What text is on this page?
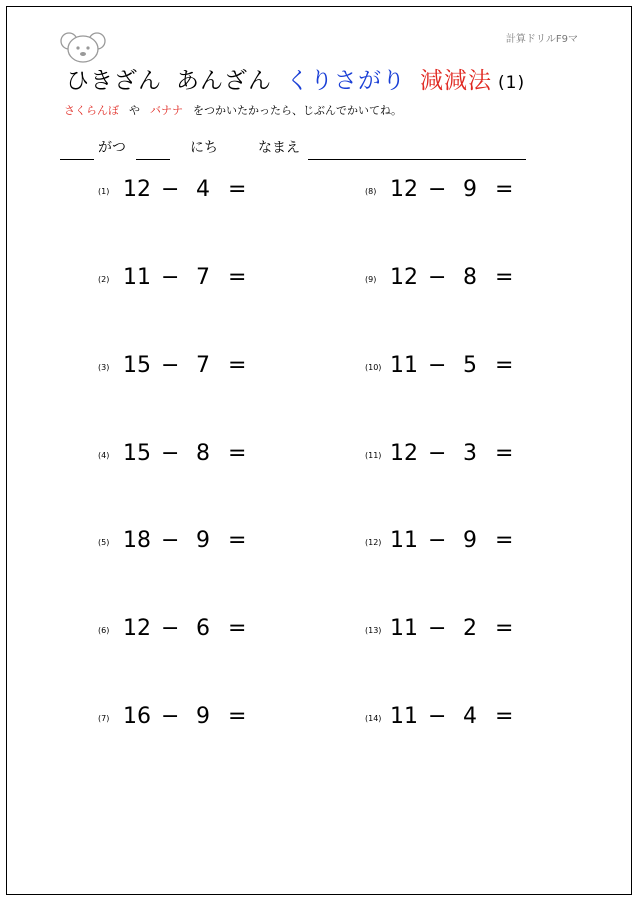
計算ドリルF9マ
ひきざん あんざん くりさがり 減減法 (1)
さくらんぼ や バナナ をつかいたかったら、じぶんでかいてね。
がつ	にち	なまえ
(1) 12 − 4 =
(2) 11 − 7 =
(3) 15 − 7 =
(4) 15 − 8 =
(5) 18 − 9 =
(6) 12 − 6 =
(7) 16 − 9 =
(8) 12 − 9 =
(9) 12 − 8 =
(10) 11 − 5 =
(11) 12 − 3 =
(12) 11 − 9 =
(13) 11 − 2 =
(14) 11 − 4 =
